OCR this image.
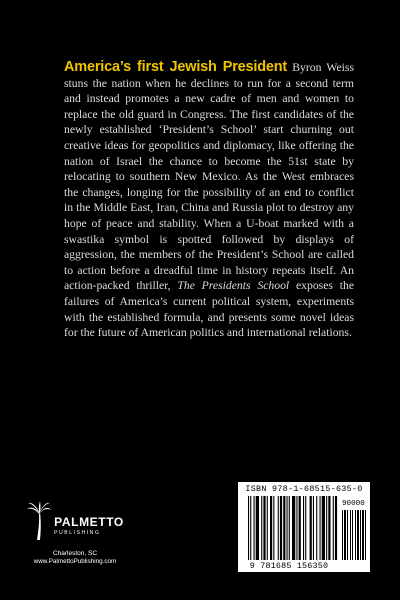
America’s first Jewish President Byron Weiss stuns the nation when he declines to run for a second term and instead promotes a new cadre of men and women to replace the old guard in Congress. The first candidates of the newly established ‘President’s School’ start churning out creative ideas for geopolitics and diplomacy, like offering the nation of Israel the chance to become the 51st state by relocating to southern New Mexico. As the West embraces the changes, longing for the possibility of an end to conflict in the Middle East, Iran, China and Russia plot to destroy any hope of peace and stability. When a U-boat marked with a swastika symbol is spotted followed by displays of aggression, the members of the President’s School are called to action before a dreadful time in history repeats itself. An action-packed thriller, The Presidents School exposes the failures of America’s current political system, experiments with the established formula, and presents some novel ideas for the future of American politics and international relations.
PALMETTO
PUBLISHING
Charleston, SC
www.PalmettoPublishing.com
ISBN 978-1-68515-635-0
90000
9 781685 156350
